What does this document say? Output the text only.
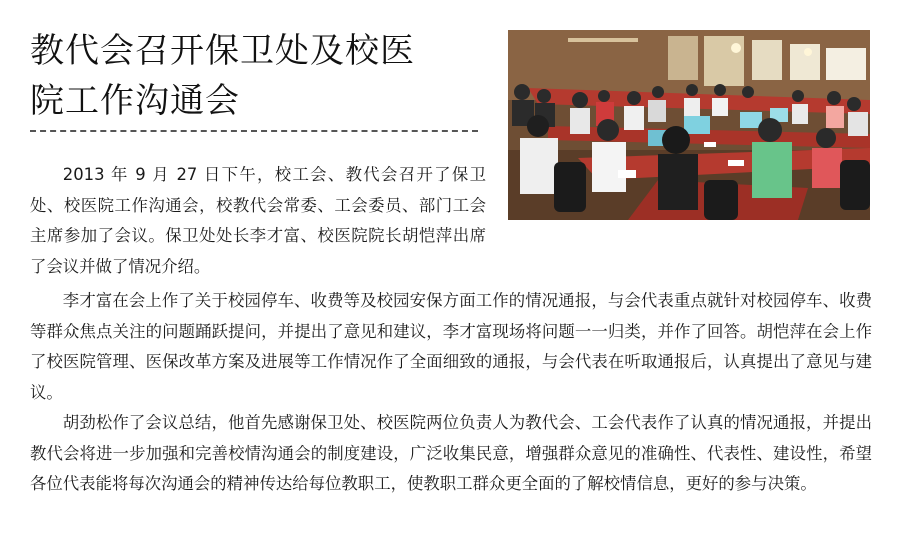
教代会召开保卫处及校医
院工作沟通会

2013 年 9 月 27 日下午，校工会、教代会召开了保卫处、校医院工作沟通会，校教代会常委、工会委员、部门工会主席参加了会议。保卫处处长李才富、校医院院长胡恺萍出席了会议并做了情况介绍。

李才富在会上作了关于校园停车、收费等及校园安保方面工作的情况通报，与会代表重点就针对校园停车、收费等群众焦点关注的问题踊跃提问，并提出了意见和建议，李才富现场将问题一一归类，并作了回答。胡恺萍在会上作了校医院管理、医保改革方案及进展等工作情况作了全面细致的通报，与会代表在听取通报后，认真提出了意见与建议。

胡劲松作了会议总结，他首先感谢保卫处、校医院两位负责人为教代会、工会代表作了认真的情况通报，并提出教代会将进一步加强和完善校情沟通会的制度建设，广泛收集民意，增强群众意见的准确性、代表性、建设性，希望各位代表能将每次沟通会的精神传达给每位教职工，使教职工群众更全面的了解校情信息，更好的参与决策。
